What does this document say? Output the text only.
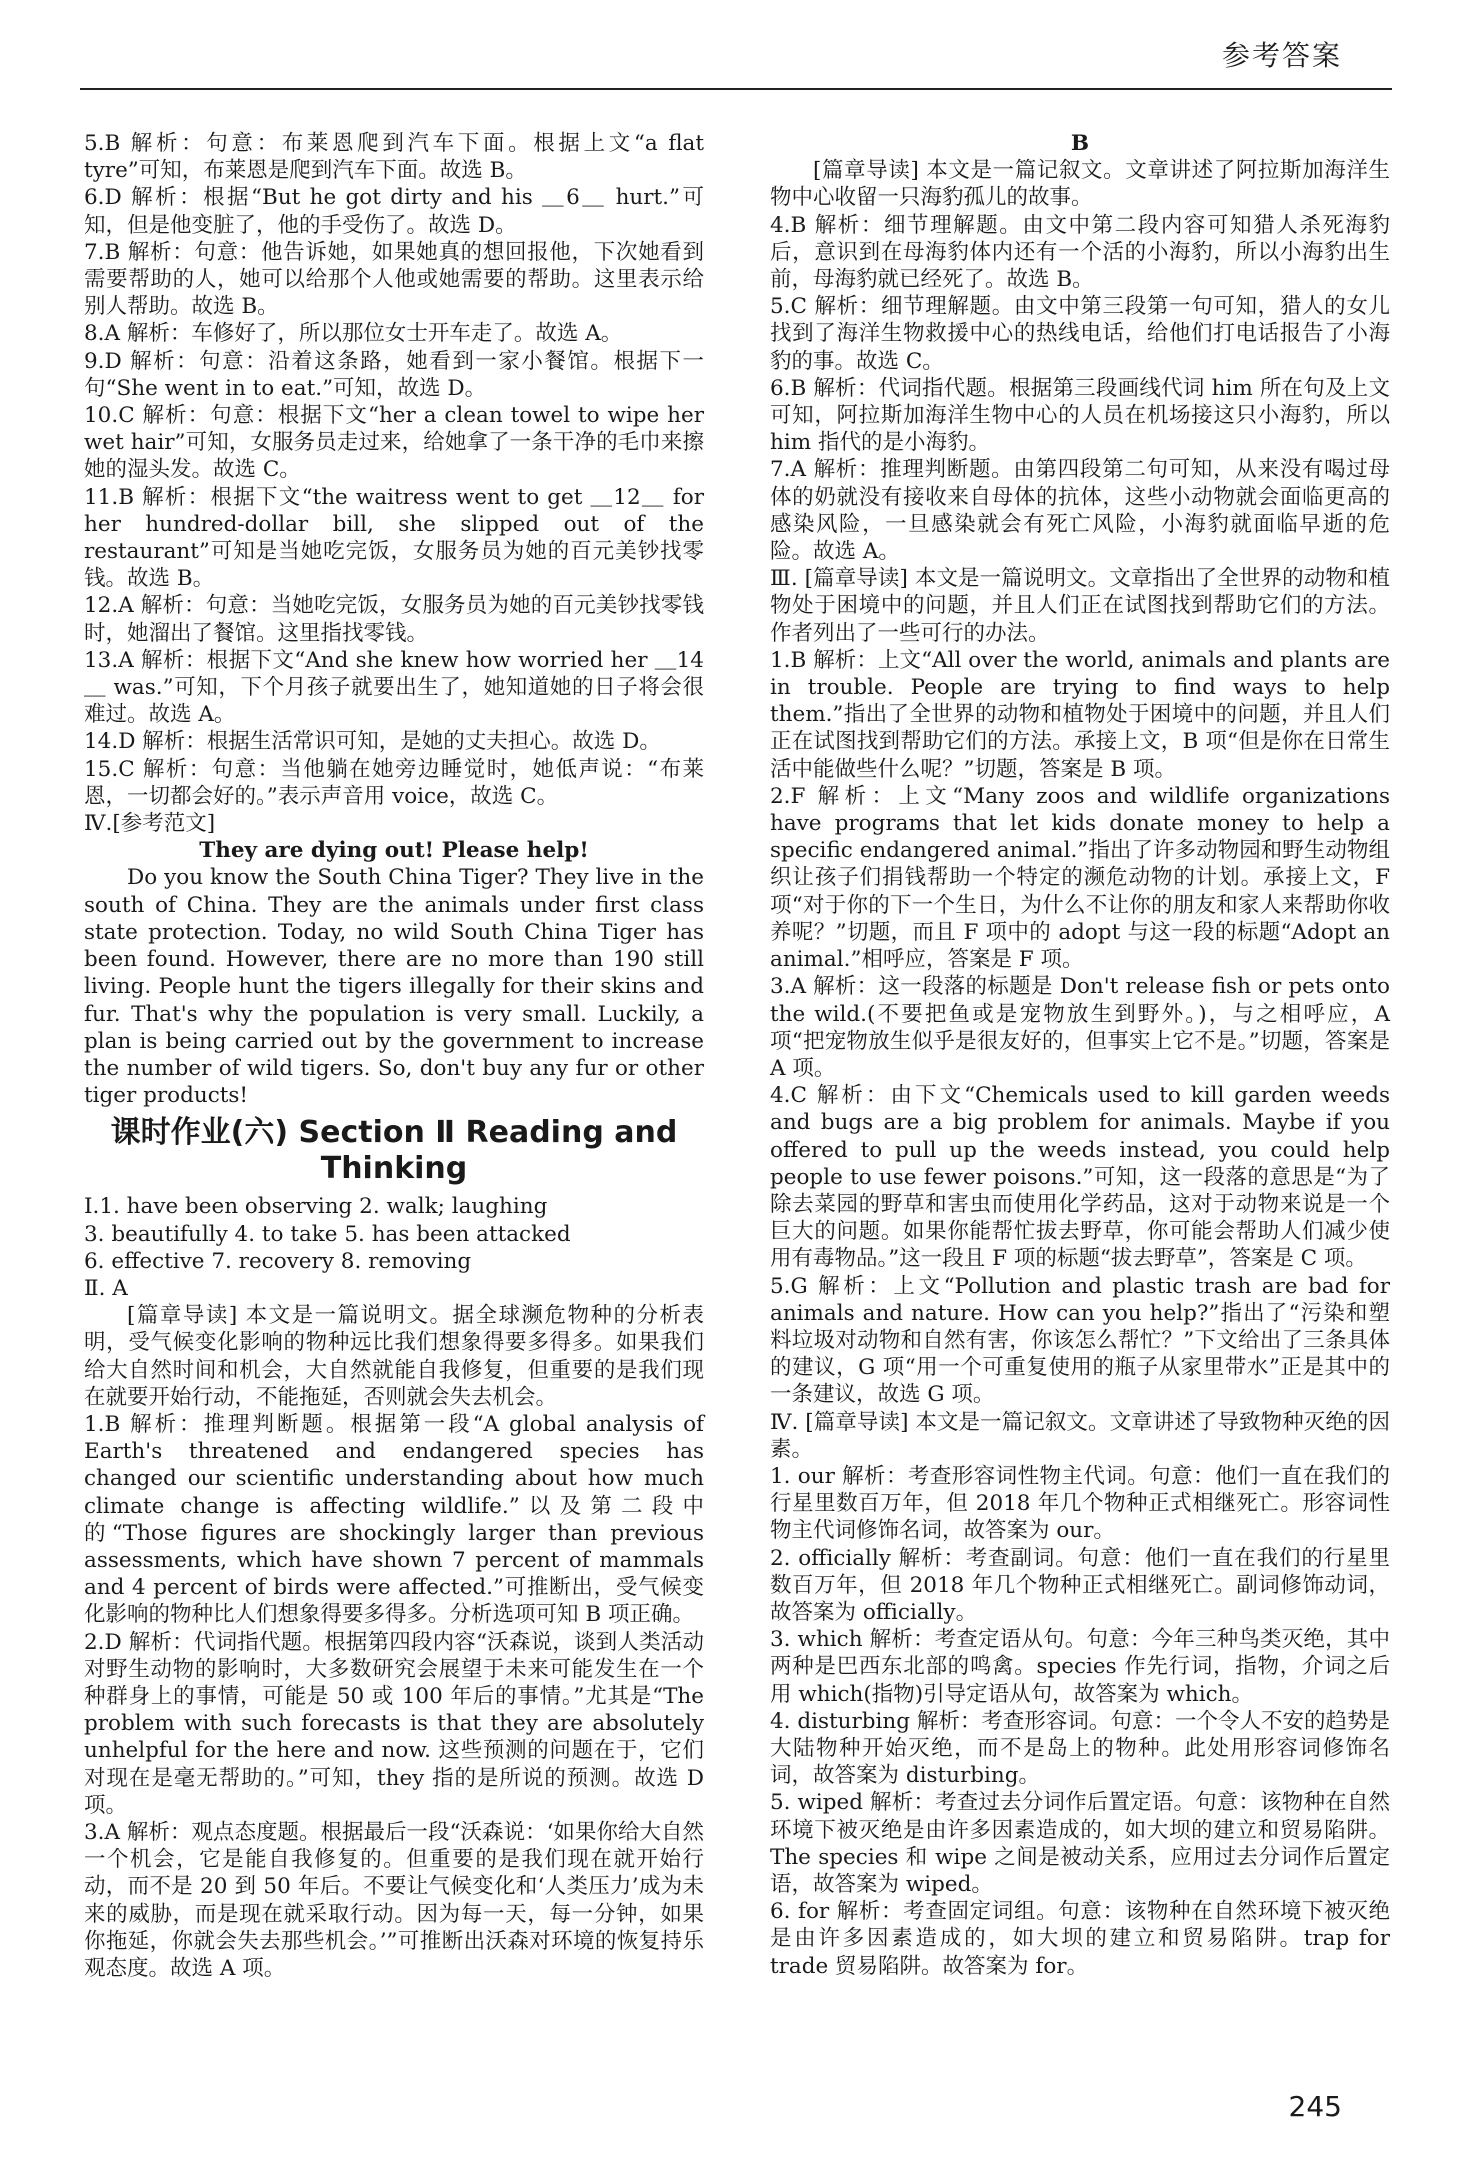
参考答案

5.B 解析：句意：布莱恩爬到汽车下面。根据上文“a flat tyre”可知，布莱恩是爬到汽车下面。故选 B。

6.D 解析：根据“But he got dirty and his ＿6＿ hurt.”可知，但是他变脏了，他的手受伤了。故选 D。

7.B 解析：句意：他告诉她，如果她真的想回报他，下次她看到需要帮助的人，她可以给那个人他或她需要的帮助。这里表示给别人帮助。故选 B。

8.A 解析：车修好了，所以那位女士开车走了。故选 A。

9.D 解析：句意：沿着这条路，她看到一家小餐馆。根据下一句“She went in to eat.”可知，故选 D。

10.C 解析：句意：根据下文“her a clean towel to wipe her wet hair”可知，女服务员走过来，给她拿了一条干净的毛巾来擦她的湿头发。故选 C。

11.B 解析：根据下文“the waitress went to get ＿12＿ for her hundred-dollar bill, she slipped out of the restaurant”可知是当她吃完饭，女服务员为她的百元美钞找零钱。故选 B。

12.A 解析：句意：当她吃完饭，女服务员为她的百元美钞找零钱时，她溜出了餐馆。这里指找零钱。

13.A 解析：根据下文“And she knew how worried her ＿14＿ was.”可知，下个月孩子就要出生了，她知道她的日子将会很难过。故选 A。

14.D 解析：根据生活常识可知，是她的丈夫担心。故选 D。

15.C 解析：句意：当他躺在她旁边睡觉时，她低声说：“布莱恩，一切都会好的。”表示声音用 voice，故选 C。

Ⅳ.[参考范文]

They are dying out! Please help!

Do you know the South China Tiger? They live in the south of China. They are the animals under first class state protection. Today, no wild South China Tiger has been found. However, there are no more than 190 still living. People hunt the tigers illegally for their skins and fur. That's why the population is very small. Luckily, a plan is being carried out by the government to increase the number of wild tigers. So, don't buy any fur or other tiger products!

课时作业(六) Section Ⅱ Reading and Thinking

Ⅰ.1. have been observing 2. walk; laughing

3. beautifully 4. to take 5. has been attacked

6. effective 7. recovery 8. removing

Ⅱ. A

[篇章导读] 本文是一篇说明文。据全球濒危物种的分析表明，受气候变化影响的物种远比我们想象得要多得多。如果我们给大自然时间和机会，大自然就能自我修复，但重要的是我们现在就要开始行动，不能拖延，否则就会失去机会。

1.B 解析：推理判断题。根据第一段“A global analysis of Earth's threatened and endangered species has changed our scientific understanding about how much climate change is affecting wildlife.”以及第二段中的“Those figures are shockingly larger than previous assessments, which have shown 7 percent of mammals and 4 percent of birds were affected.”可推断出，受气候变化影响的物种比人们想象得要多得多。分析选项可知 B 项正确。

2.D 解析：代词指代题。根据第四段内容“沃森说，谈到人类活动对野生动物的影响时，大多数研究会展望于未来可能发生在一个种群身上的事情，可能是 50 或 100 年后的事情。”尤其是“The problem with such forecasts is that they are absolutely unhelpful for the here and now. 这些预测的问题在于，它们对现在是毫无帮助的。”可知，they 指的是所说的预测。故选 D 项。

3.A 解析：观点态度题。根据最后一段“沃森说：‘如果你给大自然一个机会，它是能自我修复的。但重要的是我们现在就开始行动，而不是 20 到 50 年后。不要让气候变化和‘人类压力’成为未来的威胁，而是现在就采取行动。因为每一天，每一分钟，如果你拖延，你就会失去那些机会。’”可推断出沃森对环境的恢复持乐观态度。故选 A 项。

B

[篇章导读] 本文是一篇记叙文。文章讲述了阿拉斯加海洋生物中心收留一只海豹孤儿的故事。

4.B 解析：细节理解题。由文中第二段内容可知猎人杀死海豹后，意识到在母海豹体内还有一个活的小海豹，所以小海豹出生前，母海豹就已经死了。故选 B。

5.C 解析：细节理解题。由文中第三段第一句可知，猎人的女儿找到了海洋生物救援中心的热线电话，给他们打电话报告了小海豹的事。故选 C。

6.B 解析：代词指代题。根据第三段画线代词 him 所在句及上文可知，阿拉斯加海洋生物中心的人员在机场接这只小海豹，所以 him 指代的是小海豹。

7.A 解析：推理判断题。由第四段第二句可知，从来没有喝过母体的奶就没有接收来自母体的抗体，这些小动物就会面临更高的感染风险，一旦感染就会有死亡风险，小海豹就面临早逝的危险。故选 A。

Ⅲ. [篇章导读] 本文是一篇说明文。文章指出了全世界的动物和植物处于困境中的问题，并且人们正在试图找到帮助它们的方法。作者列出了一些可行的办法。

1.B 解析：上文“All over the world, animals and plants are in trouble. People are trying to find ways to help them.”指出了全世界的动物和植物处于困境中的问题，并且人们正在试图找到帮助它们的方法。承接上文，B 项“但是你在日常生活中能做些什么呢？”切题，答案是 B 项。

2.F 解析：上文“Many zoos and wildlife organizations have programs that let kids donate money to help a specific endangered animal.”指出了许多动物园和野生动物组织让孩子们捐钱帮助一个特定的濒危动物的计划。承接上文，F 项“对于你的下一个生日，为什么不让你的朋友和家人来帮助你收养呢？”切题，而且 F 项中的 adopt 与这一段的标题“Adopt an animal.”相呼应，答案是 F 项。

3.A 解析：这一段落的标题是 Don't release fish or pets onto the wild.(不要把鱼或是宠物放生到野外。)，与之相呼应，A 项“把宠物放生似乎是很友好的，但事实上它不是。”切题，答案是 A 项。

4.C 解析：由下文“Chemicals used to kill garden weeds and bugs are a big problem for animals. Maybe if you offered to pull up the weeds instead, you could help people to use fewer poisons.”可知，这一段落的意思是“为了除去菜园的野草和害虫而使用化学药品，这对于动物来说是一个巨大的问题。如果你能帮忙拔去野草，你可能会帮助人们减少使用有毒物品。”这一段且 F 项的标题“拔去野草”，答案是 C 项。

5.G 解析：上文“Pollution and plastic trash are bad for animals and nature. How can you help?”指出了“污染和塑料垃圾对动物和自然有害，你该怎么帮忙？”下文给出了三条具体的建议，G 项“用一个可重复使用的瓶子从家里带水”正是其中的一条建议，故选 G 项。

Ⅳ. [篇章导读] 本文是一篇记叙文。文章讲述了导致物种灭绝的因素。

1. our 解析：考查形容词性物主代词。句意：他们一直在我们的行星里数百万年，但 2018 年几个物种正式相继死亡。形容词性物主代词修饰名词，故答案为 our。

2. officially 解析：考查副词。句意：他们一直在我们的行星里数百万年，但 2018 年几个物种正式相继死亡。副词修饰动词，故答案为 officially。

3. which 解析：考查定语从句。句意：今年三种鸟类灭绝，其中两种是巴西东北部的鸣禽。species 作先行词，指物，介词之后用 which(指物)引导定语从句，故答案为 which。

4. disturbing 解析：考查形容词。句意：一个令人不安的趋势是大陆物种开始灭绝，而不是岛上的物种。此处用形容词修饰名词，故答案为 disturbing。

5. wiped 解析：考查过去分词作后置定语。句意：该物种在自然环境下被灭绝是由许多因素造成的，如大坝的建立和贸易陷阱。The species 和 wipe 之间是被动关系，应用过去分词作后置定语，故答案为 wiped。

6. for 解析：考查固定词组。句意：该物种在自然环境下被灭绝是由许多因素造成的，如大坝的建立和贸易陷阱。trap for trade 贸易陷阱。故答案为 for。

245
